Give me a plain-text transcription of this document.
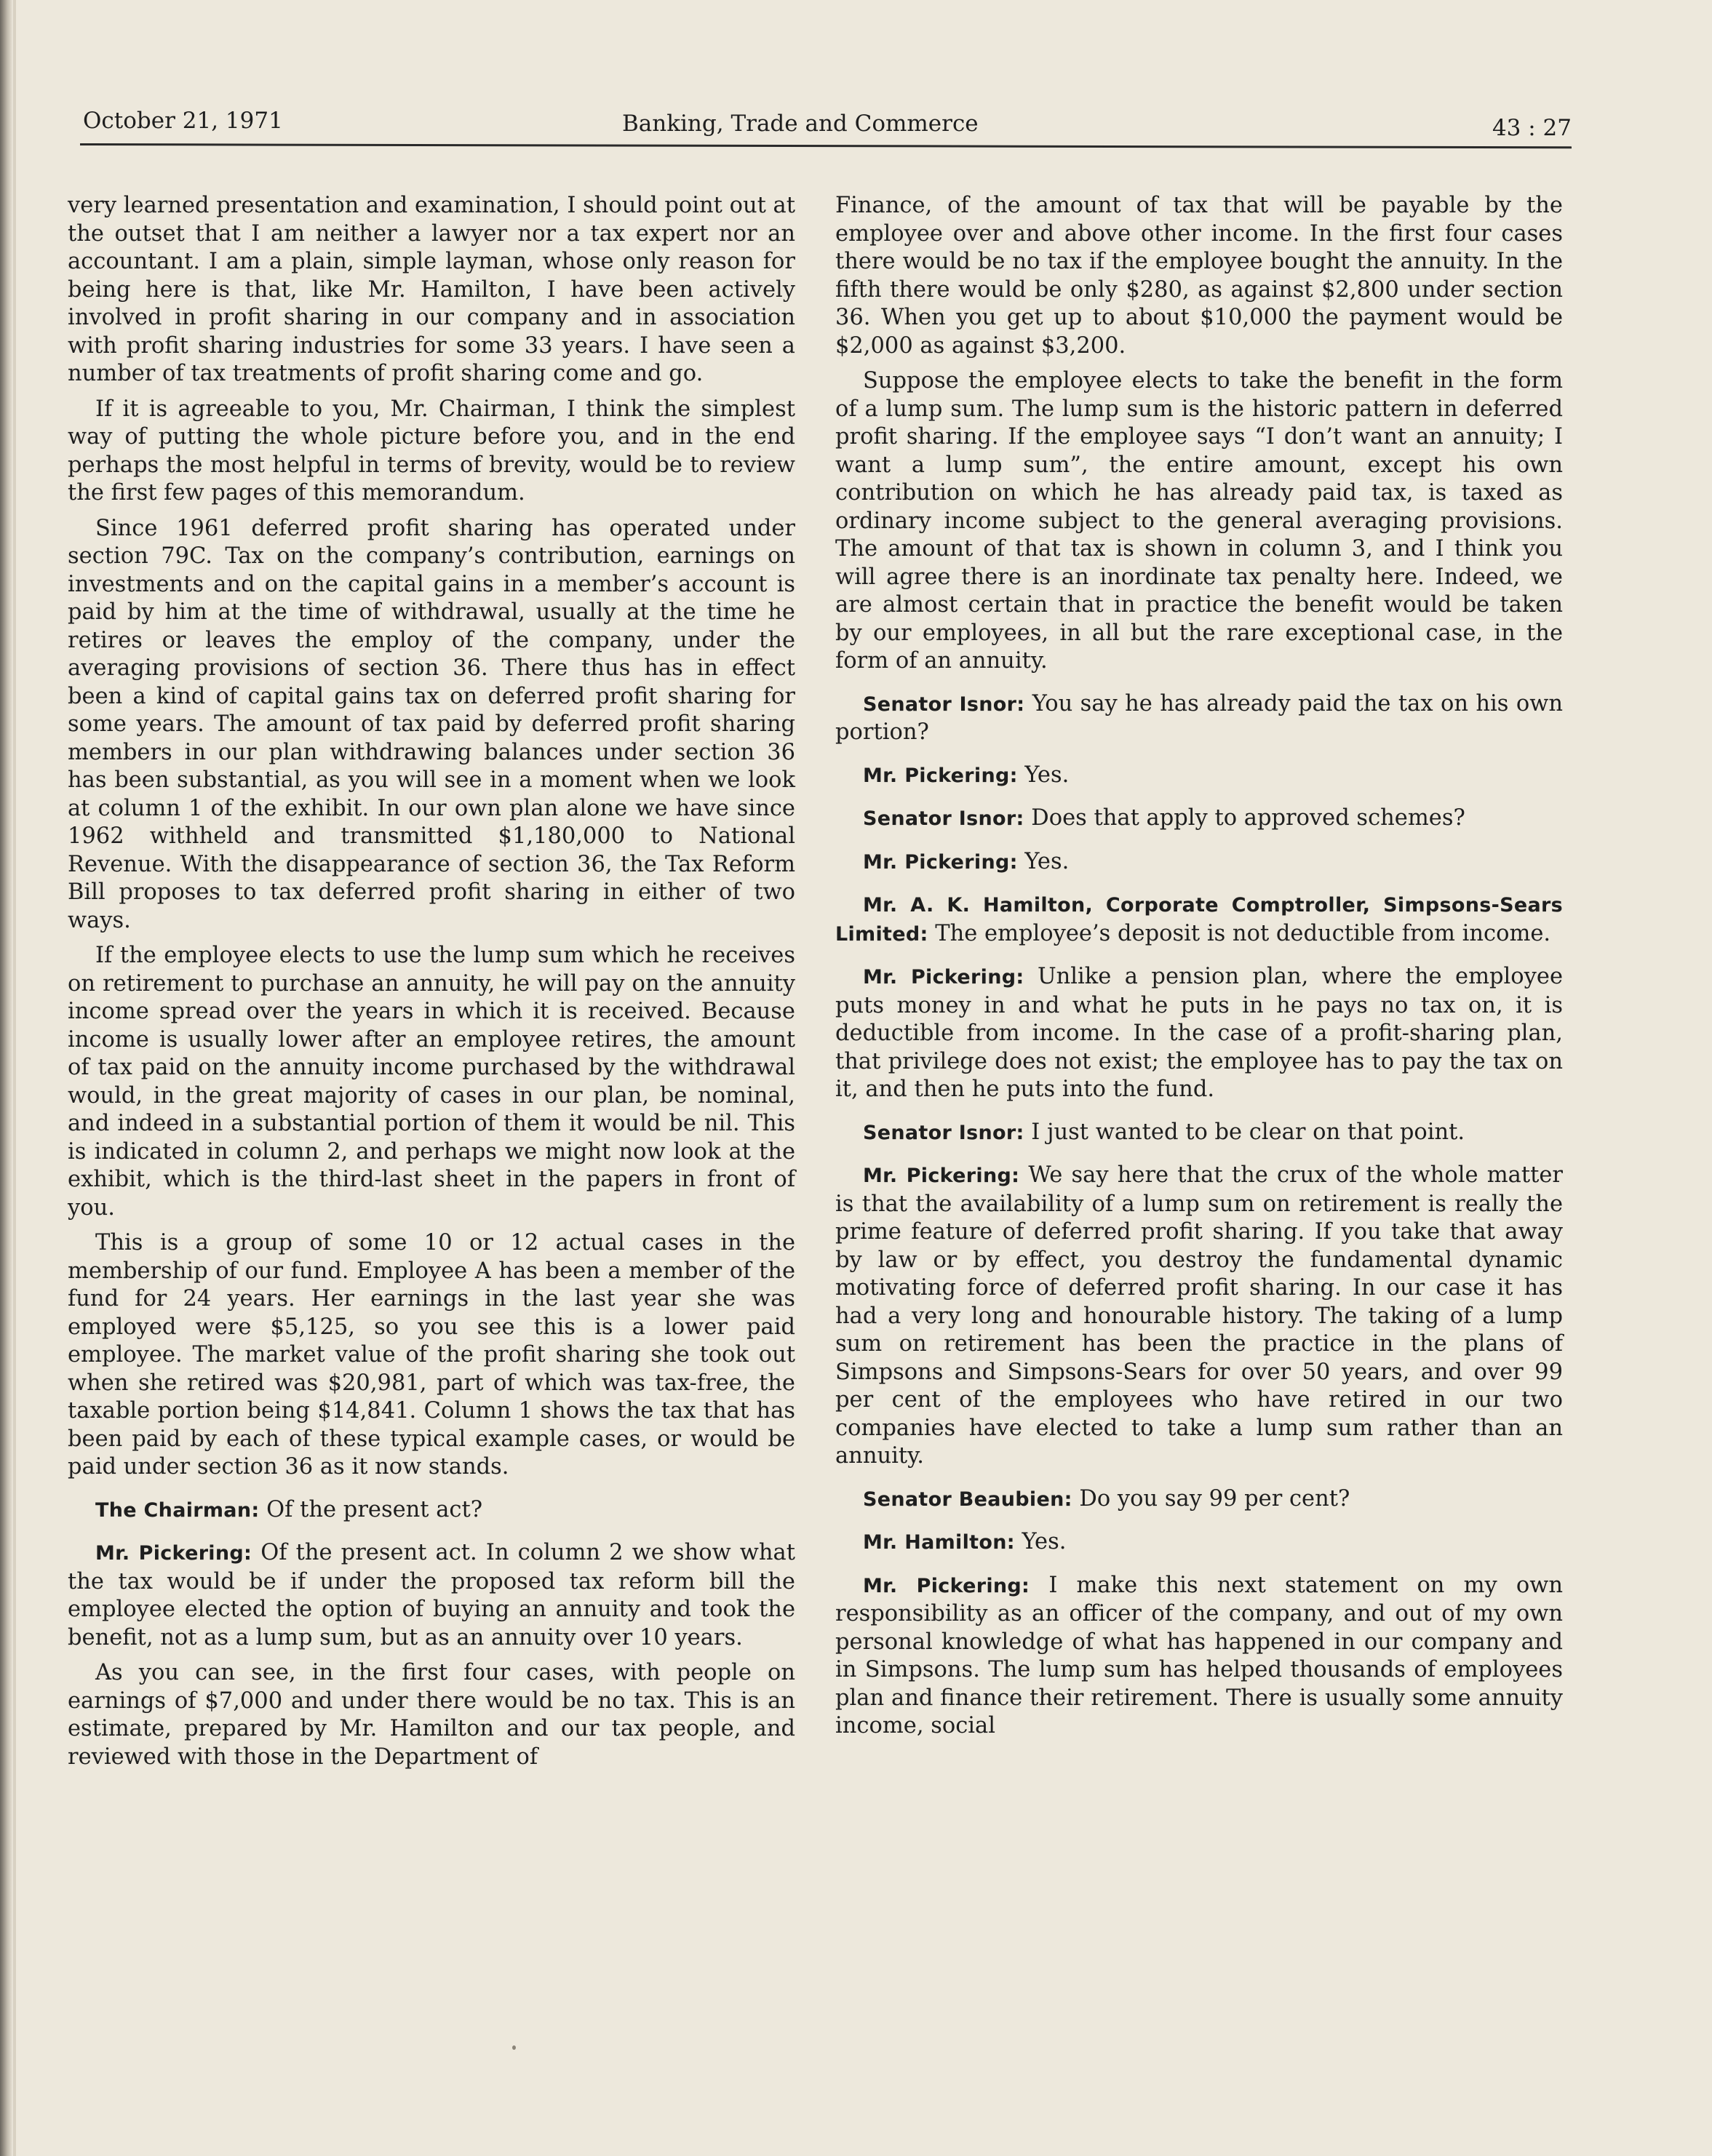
October 21, 1971	Banking, Trade and Commerce	43 : 27

very learned presentation and examination, I should point out at the outset that I am neither a lawyer nor a tax expert nor an accountant. I am a plain, simple layman, whose only reason for being here is that, like Mr. Hamilton, I have been actively involved in profit sharing in our company and in association with profit sharing industries for some 33 years. I have seen a number of tax treatments of profit sharing come and go.

If it is agreeable to you, Mr. Chairman, I think the simplest way of putting the whole picture before you, and in the end perhaps the most helpful in terms of brevity, would be to review the first few pages of this memorandum.

Since 1961 deferred profit sharing has operated under section 79C. Tax on the company’s contribution, earnings on investments and on the capital gains in a member’s account is paid by him at the time of withdrawal, usually at the time he retires or leaves the employ of the company, under the averaging provisions of section 36. There thus has in effect been a kind of capital gains tax on deferred profit sharing for some years. The amount of tax paid by deferred profit sharing members in our plan withdrawing balances under section 36 has been substantial, as you will see in a moment when we look at column 1 of the exhibit. In our own plan alone we have since 1962 withheld and transmitted $1,180,000 to National Revenue. With the disappearance of section 36, the Tax Reform Bill proposes to tax deferred profit sharing in either of two ways.

If the employee elects to use the lump sum which he receives on retirement to purchase an annuity, he will pay on the annuity income spread over the years in which it is received. Because income is usually lower after an employee retires, the amount of tax paid on the annuity income purchased by the withdrawal would, in the great majority of cases in our plan, be nominal, and indeed in a substantial portion of them it would be nil. This is indicated in column 2, and perhaps we might now look at the exhibit, which is the third-last sheet in the papers in front of you.

This is a group of some 10 or 12 actual cases in the membership of our fund. Employee A has been a member of the fund for 24 years. Her earnings in the last year she was employed were $5,125, so you see this is a lower paid employee. The market value of the profit sharing she took out when she retired was $20,981, part of which was tax-free, the taxable portion being $14,841. Column 1 shows the tax that has been paid by each of these typical example cases, or would be paid under section 36 as it now stands.

The Chairman: Of the present act?

Mr. Pickering: Of the present act. In column 2 we show what the tax would be if under the proposed tax reform bill the employee elected the option of buying an annuity and took the benefit, not as a lump sum, but as an annuity over 10 years.

As you can see, in the first four cases, with people on earnings of $7,000 and under there would be no tax. This is an estimate, prepared by Mr. Hamilton and our tax people, and reviewed with those in the Department of

Finance, of the amount of tax that will be payable by the employee over and above other income. In the first four cases there would be no tax if the employee bought the annuity. In the fifth there would be only $280, as against $2,800 under section 36. When you get up to about $10,000 the payment would be $2,000 as against $3,200.

Suppose the employee elects to take the benefit in the form of a lump sum. The lump sum is the historic pattern in deferred profit sharing. If the employee says “I don’t want an annuity; I want a lump sum”, the entire amount, except his own contribution on which he has already paid tax, is taxed as ordinary income subject to the general averaging provisions. The amount of that tax is shown in column 3, and I think you will agree there is an inordinate tax penalty here. Indeed, we are almost certain that in practice the benefit would be taken by our employees, in all but the rare exceptional case, in the form of an annuity.

Senator Isnor: You say he has already paid the tax on his own portion?

Mr. Pickering: Yes.

Senator Isnor: Does that apply to approved schemes?

Mr. Pickering: Yes.

Mr. A. K. Hamilton, Corporate Comptroller, Simpsons-Sears Limited: The employee’s deposit is not deductible from income.

Mr. Pickering: Unlike a pension plan, where the employee puts money in and what he puts in he pays no tax on, it is deductible from income. In the case of a profit-sharing plan, that privilege does not exist; the employee has to pay the tax on it, and then he puts into the fund.

Senator Isnor: I just wanted to be clear on that point.

Mr. Pickering: We say here that the crux of the whole matter is that the availability of a lump sum on retirement is really the prime feature of deferred profit sharing. If you take that away by law or by effect, you destroy the fundamental dynamic motivating force of deferred profit sharing. In our case it has had a very long and honourable history. The taking of a lump sum on retirement has been the practice in the plans of Simpsons and Simpsons-Sears for over 50 years, and over 99 per cent of the employees who have retired in our two companies have elected to take a lump sum rather than an annuity.

Senator Beaubien: Do you say 99 per cent?

Mr. Hamilton: Yes.

Mr. Pickering: I make this next statement on my own responsibility as an officer of the company, and out of my own personal knowledge of what has happened in our company and in Simpsons. The lump sum has helped thousands of employees plan and finance their retirement. There is usually some annuity income, social
